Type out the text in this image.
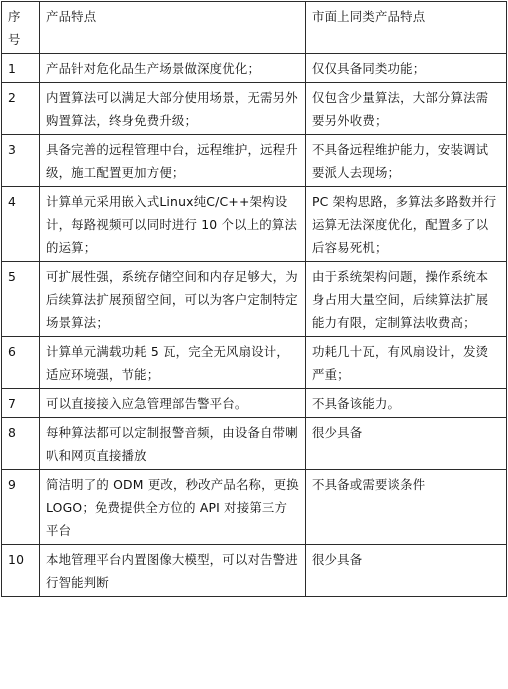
序号	产品特点	市面上同类产品特点
1	产品针对危化品生产场景做深度优化；	仅仅具备同类功能；
2	内置算法可以满足大部分使用场景，无需另外购置算法，终身免费升级；	仅包含少量算法，大部分算法需要另外收费；
3	具备完善的远程管理中台，远程维护，远程升级，施工配置更加方便；	不具备远程维护能力，安装调试要派人去现场；
4	计算单元采用嵌入式Linux纯C/C++架构设计，每路视频可以同时进行 10 个以上的算法的运算；	PC 架构思路，多算法多路数并行运算无法深度优化，配置多了以后容易死机；
5	可扩展性强，系统存储空间和内存足够大，为后续算法扩展预留空间，可以为客户定制特定场景算法；	由于系统架构问题，操作系统本身占用大量空间，后续算法扩展能力有限，定制算法收费高；
6	计算单元满载功耗 5 瓦，完全无风扇设计，适应环境强，节能；	功耗几十瓦，有风扇设计，发烫严重；
7	可以直接接入应急管理部告警平台。	不具备该能力。
8	每种算法都可以定制报警音频，由设备自带喇叭和网页直接播放	很少具备
9	简洁明了的 ODM 更改，秒改产品名称，更换 LOGO；免费提供全方位的 API 对接第三方平台	不具备或需要谈条件
10	本地管理平台内置图像大模型，可以对告警进行智能判断	很少具备
